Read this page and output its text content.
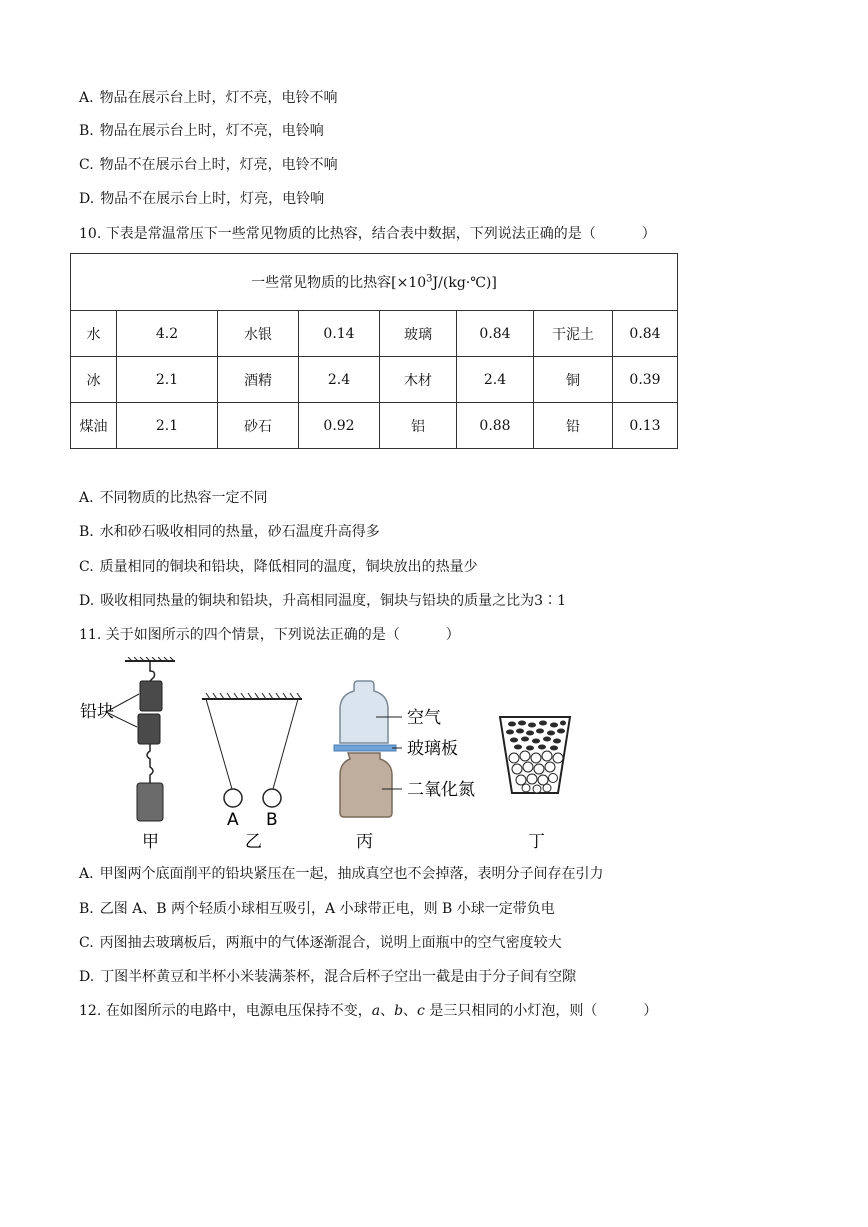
A. 物品在展示台上时，灯不亮，电铃不响
B. 物品在展示台上时，灯不亮，电铃响
C. 物品不在展示台上时，灯亮，电铃不响
D. 物品不在展示台上时，灯亮，电铃响
10. 下表是常温常压下一些常见物质的比热容，结合表中数据，下列说法正确的是（	）
一些常见物质的比热容$[\times 10^3J/(kg\cdot℃)]$							
水	4.2	水银	0.14	玻璃	0.84	干泥土	0.84
冰	2.1	酒精	2.4	木材	2.4	铜	0.39
煤油	2.1	砂石	0.92	铝	0.88	铅	0.13
A. 不同物质的比热容一定不同
B. 水和砂石吸收相同的热量，砂石温度升高得多
C. 质量相同的铜块和铅块，降低相同的温度，铜块放出的热量少
D. 吸收相同热量的铜块和铅块，升高相同温度，铜块与铅块的质量之比为3∶1
11. 关于如图所示的四个情景，下列说法正确的是（	）
铅块
甲
A B
乙
空气
玻璃板
二氧化氮
丙	丁
A. 甲图两个底面削平的铅块紧压在一起，抽成真空也不会掉落，表明分子间存在引力
B. 乙图 A、B 两个轻质小球相互吸引，A 小球带正电，则 B 小球一定带负电
C. 丙图抽去玻璃板后，两瓶中的气体逐渐混合，说明上面瓶中的空气密度较大
D. 丁图半杯黄豆和半杯小米装满茶杯，混合后杯子空出一截是由于分子间有空隙
12. 在如图所示的电路中，电源电压保持不变，a、b、c 是三只相同的小灯泡，则（	）
